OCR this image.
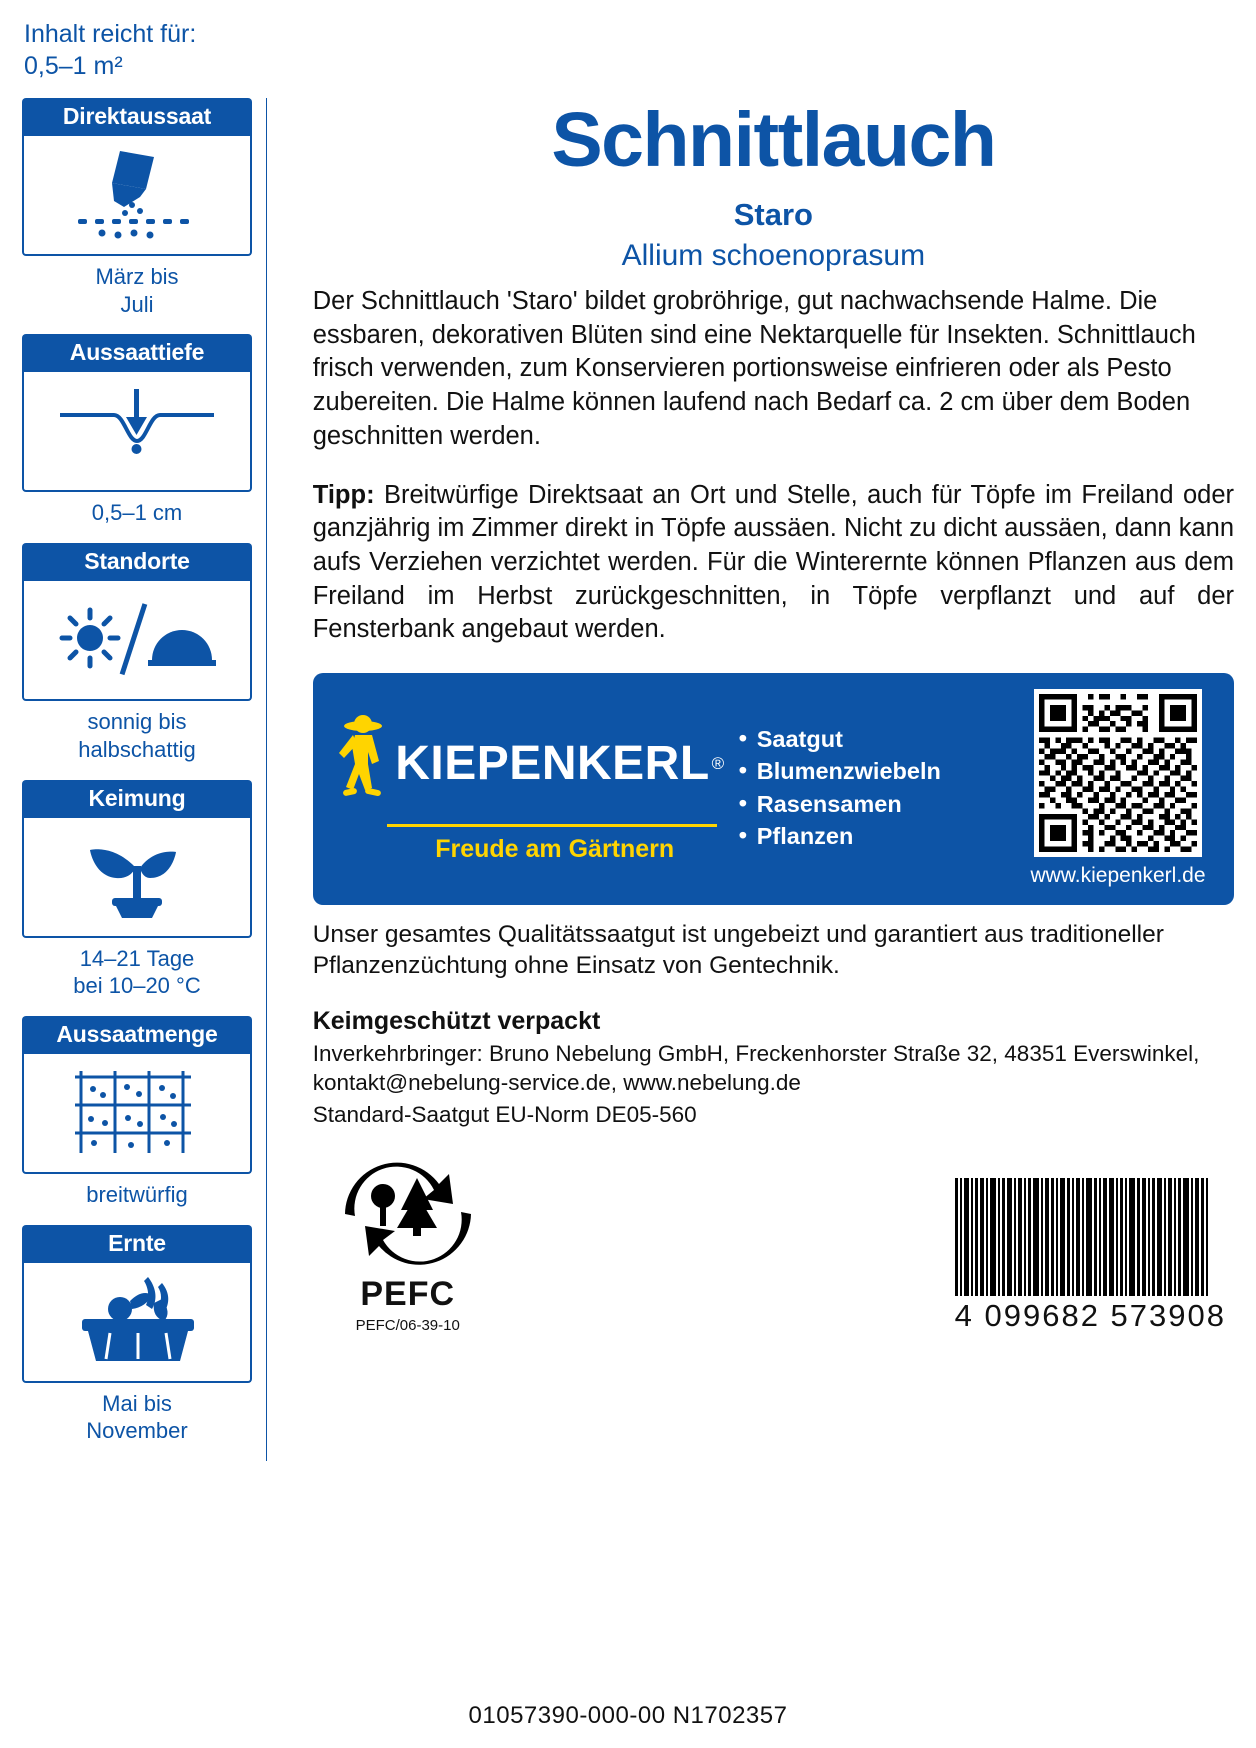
Inhalt reicht für:
0,5–1 m²
Direktaussaat
März bis
Juli
Aussaattiefe
0,5–1 cm
Standorte
sonnig bis
halbschattig
Keimung
14–21 Tage
bei 10–20 °C
Aussaatmenge
breitwürfig
Ernte
Mai bis
November
Schnittlauch
Staro
Allium schoenoprasum

Der Schnittlauch 'Staro' bildet grobröhrige, gut nachwachsende Halme. Die essbaren, dekorativen Blüten sind eine Nektarquelle für Insekten. Schnittlauch frisch verwenden, zum Konservieren portionsweise einfrieren oder als Pesto zubereiten. Die Halme können laufend nach Bedarf ca. 2 cm über dem Boden geschnitten werden.

Tipp: Breitwürfige Direktsaat an Ort und Stelle, auch für Töpfe im Freiland oder ganzjährig im Zimmer direkt in Töpfe aussäen. Nicht zu dicht aussäen, dann kann aufs Verziehen verzichtet werden. Für die Winterernte können Pflanzen aus dem Freiland im Herbst zurückgeschnitten, in Töpfe verpflanzt und auf der Fensterbank angebaut werden.

KIEPENKERL ®
Freude am Gärtnern
• Saatgut
• Blumenzwiebeln
• Rasensamen
• Pflanzen
www.kiepenkerl.de

Unser gesamtes Qualitätssaatgut ist ungebeizt und garantiert aus traditioneller Pflanzenzüchtung ohne Einsatz von Gentechnik.

Keimgeschützt verpackt
Inverkehrbringer: Bruno Nebelung GmbH, Freckenhorster Straße 32, 48351 Everswinkel, kontakt@nebelung-service.de, www.nebelung.de
Standard-Saatgut EU-Norm DE05-560
PEFC
PEFC/06-39-10	4 099682 573908
01057390-000-00 N1702357
